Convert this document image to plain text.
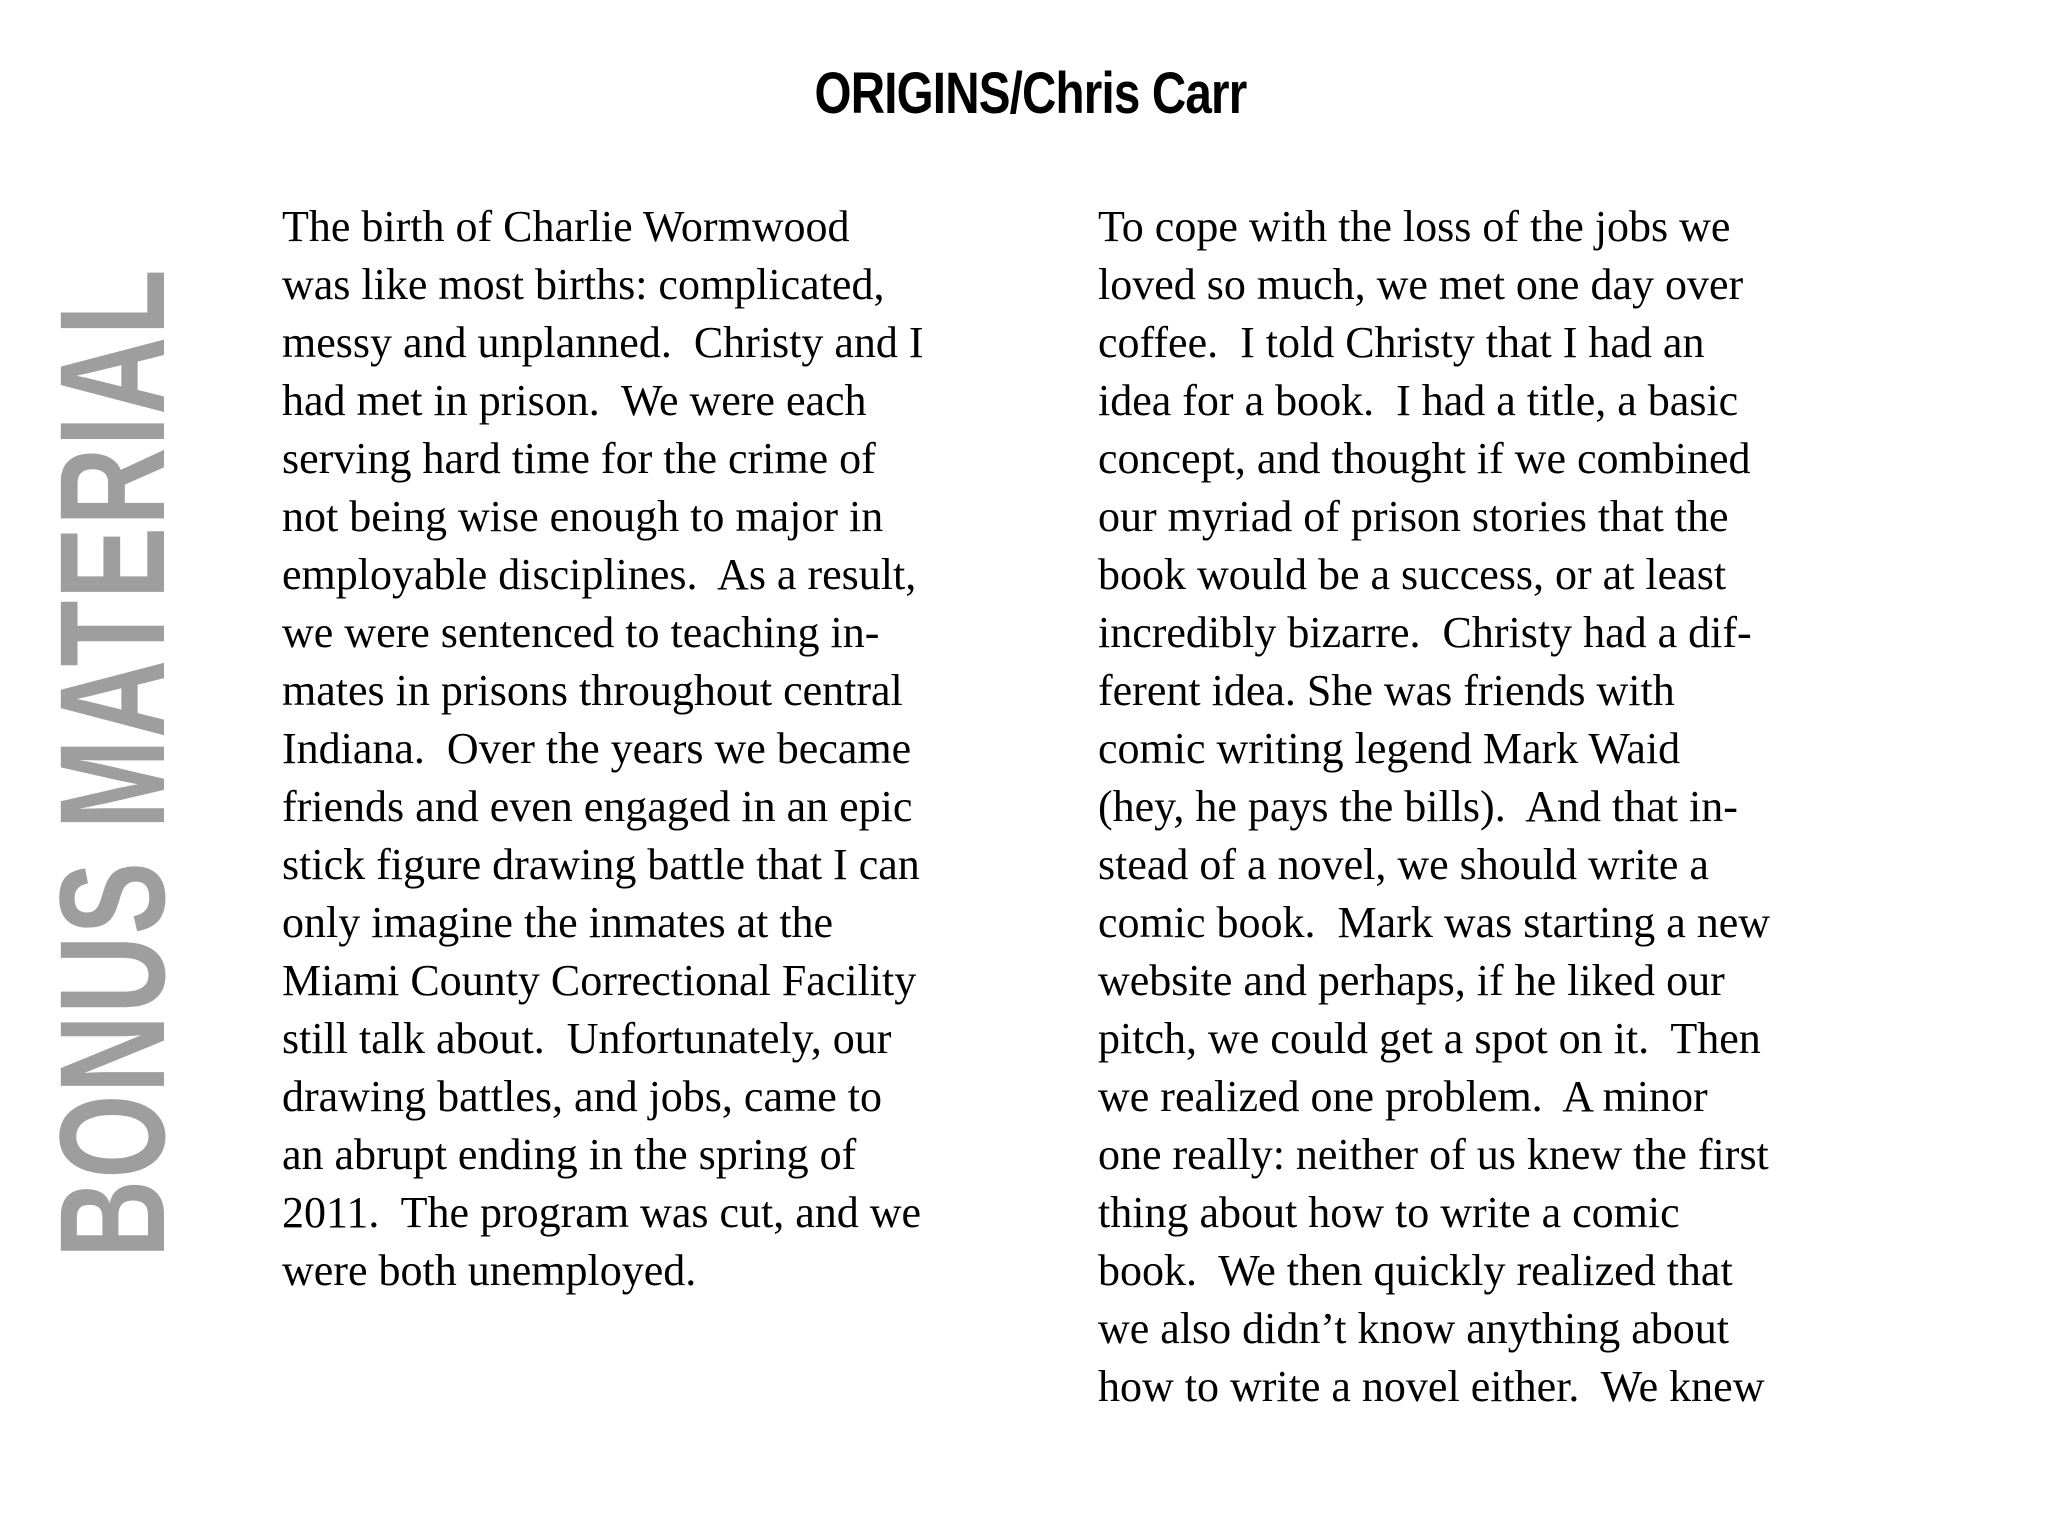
ORIGINS/Chris Carr
BONUS MATERIAL
The birth of Charlie Wormwood
was like most births: complicated,
messy and unplanned.  Christy and I
had met in prison.  We were each
serving hard time for the crime of
not being wise enough to major in
employable disciplines.  As a result,
we were sentenced to teaching in-
mates in prisons throughout central
Indiana.  Over the years we became
friends and even engaged in an epic
stick figure drawing battle that I can
only imagine the inmates at the
Miami County Correctional Facility
still talk about.  Unfortunately, our
drawing battles, and jobs, came to
an abrupt ending in the spring of
2011.  The program was cut, and we
were both unemployed.
To cope with the loss of the jobs we
loved so much, we met one day over
coffee.  I told Christy that I had an
idea for a book.  I had a title, a basic
concept, and thought if we combined
our myriad of prison stories that the
book would be a success, or at least
incredibly bizarre.  Christy had a dif-
ferent idea. She was friends with
comic writing legend Mark Waid
(hey, he pays the bills).  And that in-
stead of a novel, we should write a
comic book.  Mark was starting a new
website and perhaps, if he liked our
pitch, we could get a spot on it.  Then
we realized one problem.  A minor
one really: neither of us knew the first
thing about how to write a comic
book.  We then quickly realized that
we also didn’t know anything about
how to write a novel either.  We knew
